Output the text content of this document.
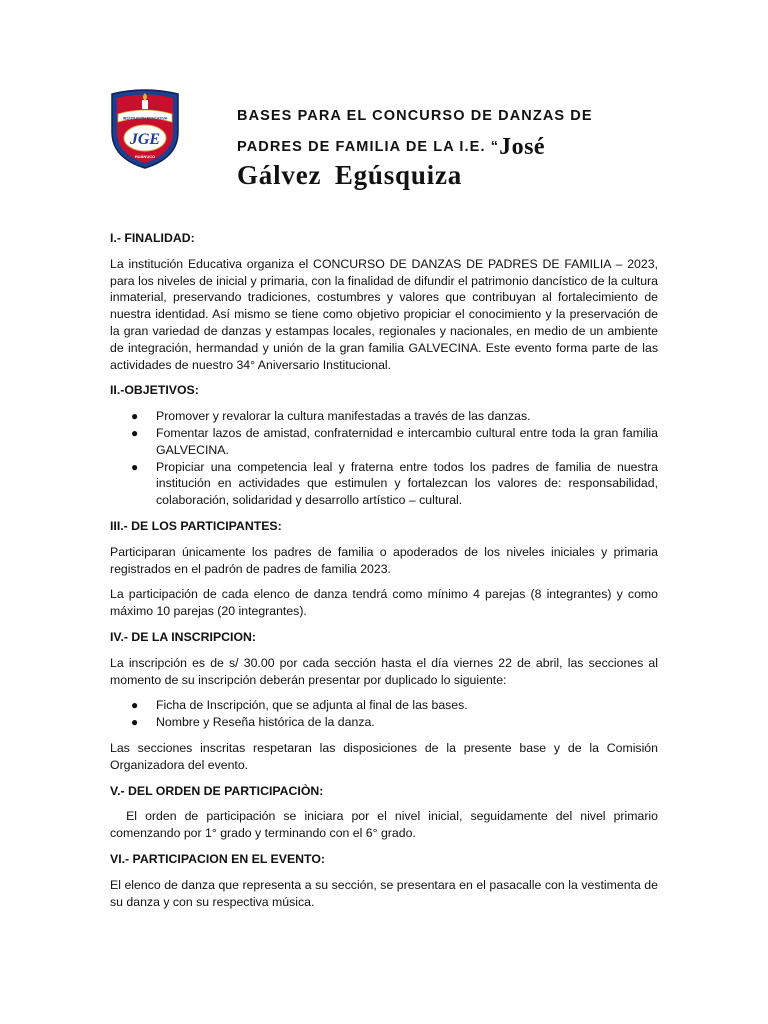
INSTITUCIÓN EDUCATIVA
JGE
HUÁNUCO
BASES PARA EL CONCURSO DE DANZAS DE
PADRES DE FAMILIA DE LA I.E. “José
Gálvez Egúsquiza
I.- FINALIDAD:

La institución Educativa organiza el CONCURSO DE DANZAS DE PADRES DE FAMILIA – 2023, para los niveles de inicial y primaria, con la finalidad de difundir el patrimonio dancístico de la cultura inmaterial, preservando tradiciones, costumbres y valores que contribuyan al fortalecimiento de nuestra identidad. Así mismo se tiene como objetivo propiciar el conocimiento y la preservación de la gran variedad de danzas y estampas locales, regionales y nacionales, en medio de un ambiente de integración, hermandad y unión de la gran familia GALVECINA. Este evento forma parte de las actividades de nuestro 34° Aniversario Institucional.

II.-OBJETIVOS:
● Promover y revalorar la cultura manifestadas a través de las danzas.
● Fomentar lazos de amistad, confraternidad e intercambio cultural entre toda la gran familia GALVECINA.
● Propiciar una competencia leal y fraterna entre todos los padres de familia de nuestra institución en actividades que estimulen y fortalezcan los valores de: responsabilidad, colaboración, solidaridad y desarrollo artístico – cultural.
III.- DE LOS PARTICIPANTES:

Participaran únicamente los padres de familia o apoderados de los niveles iniciales y primaria registrados en el padrón de padres de familia 2023.

La participación de cada elenco de danza tendrá como mínimo 4 parejas (8 integrantes) y como máximo 10 parejas (20 integrantes).

IV.- DE LA INSCRIPCION:

La inscripción es de s/ 30.00 por cada sección hasta el día viernes 22 de abril, las secciones al momento de su inscripción deberán presentar por duplicado lo siguiente:

● Ficha de Inscripción, que se adjunta al final de las bases.
● Nombre y Reseña histórica de la danza.

Las secciones inscritas respetaran las disposiciones de la presente base y de la Comisión Organizadora del evento.

V.- DEL ORDEN DE PARTICIPACIÒN:

El orden de participación se iniciara por el nivel inicial, seguidamente del nivel primario comenzando por 1° grado y terminando con el 6° grado.

VI.- PARTICIPACION EN EL EVENTO:

El elenco de danza que representa a su sección, se presentara en el pasacalle con la vestimenta de su danza y con su respectiva música.
